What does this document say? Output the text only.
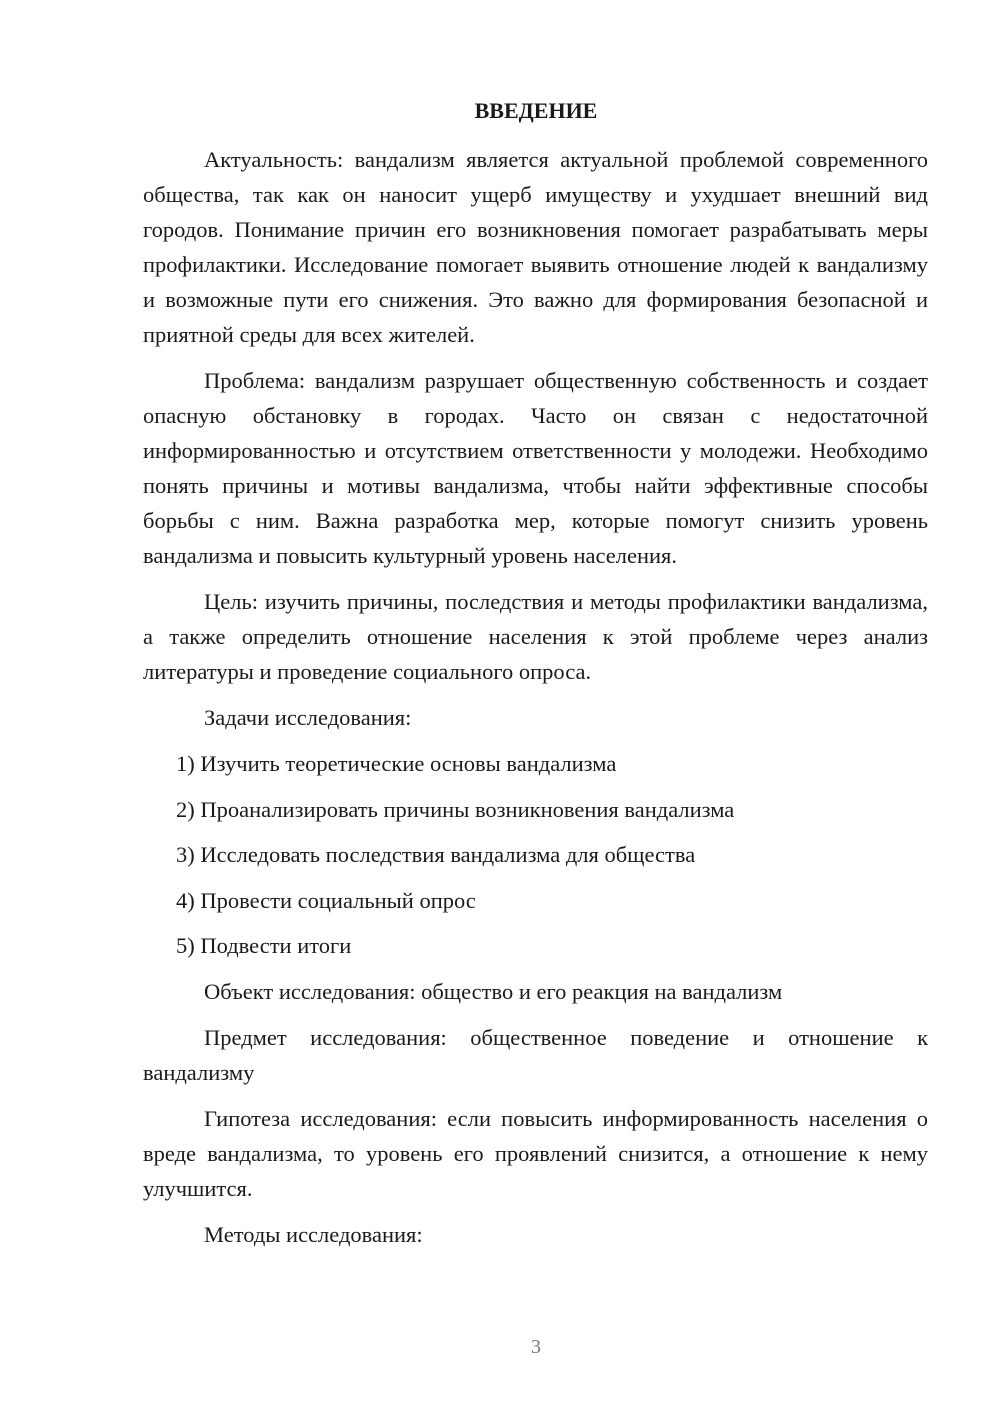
ВВЕДЕНИЕ

Актуальность: вандализм является актуальной проблемой современного общества, так как он наносит ущерб имуществу и ухудшает внешний вид городов. Понимание причин его возникновения помогает разрабатывать меры профилактики. Исследование помогает выявить отношение людей к вандализму и возможные пути его снижения. Это важно для формирования безопасной и приятной среды для всех жителей.

Проблема: вандализм разрушает общественную собственность и создает опасную обстановку в городах. Часто он связан с недостаточной информированностью и отсутствием ответственности у молодежи. Необходимо понять причины и мотивы вандализма, чтобы найти эффективные способы борьбы с ним. Важна разработка мер, которые помогут снизить уровень вандализма и повысить культурный уровень населения.

Цель: изучить причины, последствия и методы профилактики вандализма, а также определить отношение населения к этой проблеме через анализ литературы и проведение социального опроса.

Задачи исследования:

1) Изучить теоретические основы вандализма

2) Проанализировать причины возникновения вандализма

3) Исследовать последствия вандализма для общества

4) Провести социальный опрос

5) Подвести итоги

Объект исследования: общество и его реакция на вандализм

Предмет исследования: общественное поведение и отношение к вандализму

Гипотеза исследования: если повысить информированность населения о вреде вандализма, то уровень его проявлений снизится, а отношение к нему улучшится.

Методы исследования:

3
